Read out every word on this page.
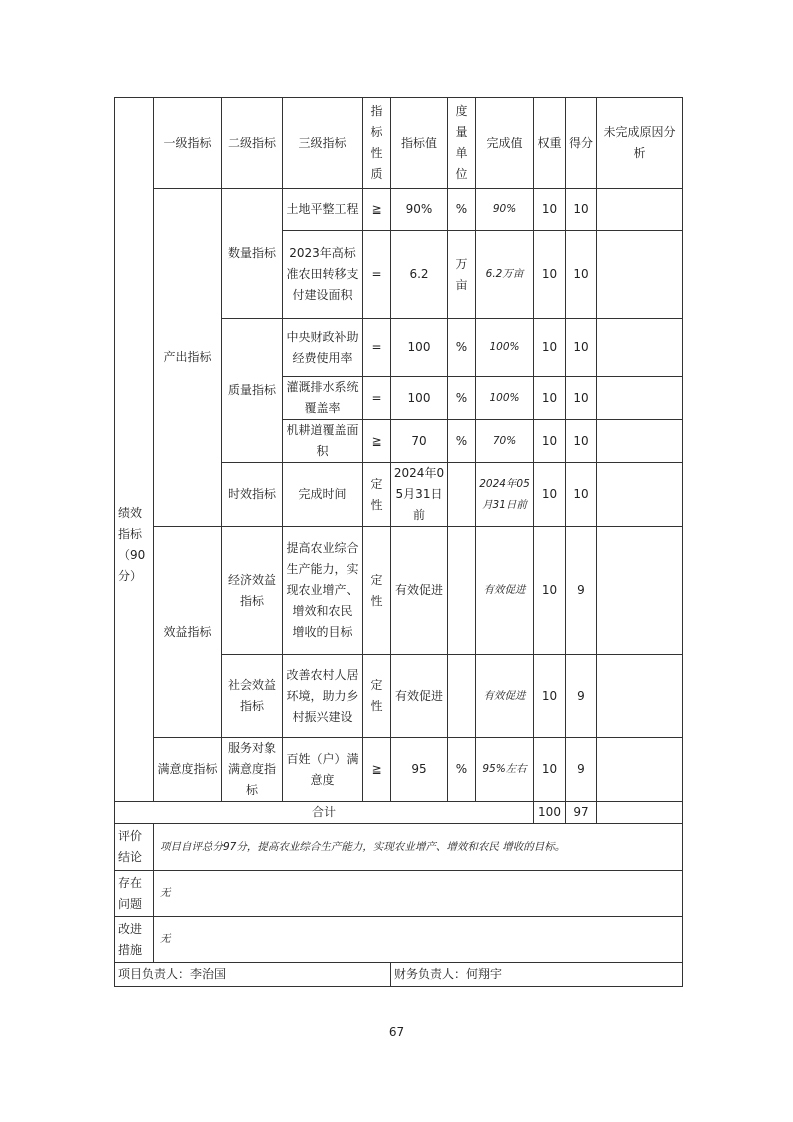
绩效指标（90分）	一级指标	二级指标	三级指标	指标性质	指标值	度量单位	完成值	权重	得分	未完成原因分析
	产出指标	数量指标	土地平整工程	≧	90%	%	90%	10	10	
			2023年高标准农田转移支付建设面积	=	6.2	万亩	6.2万亩	10	10	
		质量指标	中央财政补助经费使用率	=	100	%	100%	10	10	
			灌溉排水系统覆盖率	=	100	%	100%	10	10	
			机耕道覆盖面积	≧	70	%	70%	10	10	
		时效指标	完成时间	定性	2024年05月31日前		2024年05月31日前	10	10	
	效益指标	经济效益指标	提高农业综合生产能力，实现农业增产、增效和农民 增收的目标	定性	有效促进		有效促进	10	9	
		社会效益指标	改善农村人居环境，助力乡村振兴建设	定性	有效促进		有效促进	10	9	
	满意度指标	服务对象满意度指标	百姓（户）满意度	≧	95	%	95%左右	10	9	
合计								100	97	
评价结论	项目自评总分97分，提高农业综合生产能力，实现农业增产、增效和农民 增收的目标。									
存在问题	无									
改进措施	无									
项目负责人：李治国					财务负责人：何翔宇					
67
